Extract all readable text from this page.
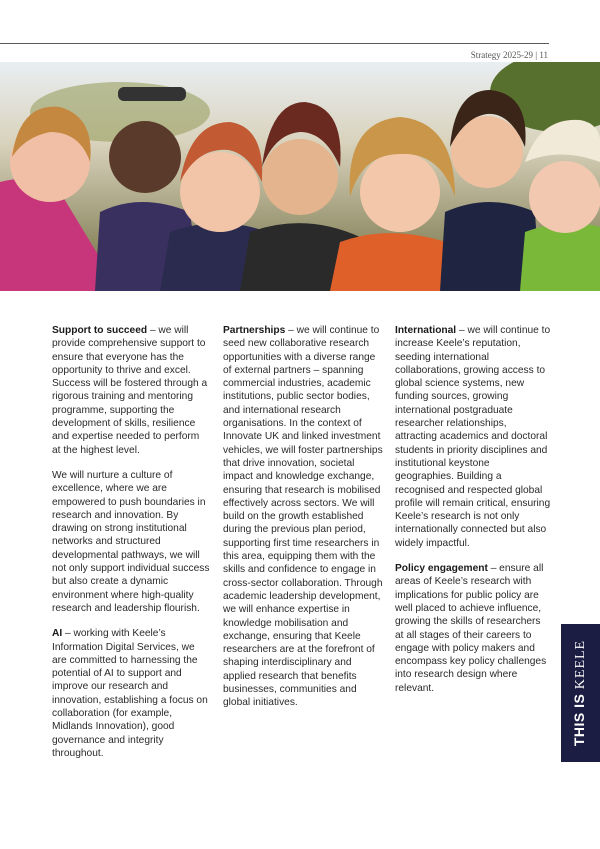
Strategy 2025-29 | 11

Support to succeed – we will provide comprehensive support to ensure that everyone has the opportunity to thrive and excel. Success will be fostered through a rigorous training and mentoring programme, supporting the development of skills, resilience and expertise needed to perform at the highest level.

We will nurture a culture of excellence, where we are empowered to push boundaries in research and innovation. By drawing on strong institutional networks and structured developmental pathways, we will not only support individual success but also create a dynamic environment where high-quality research and leadership flourish.

AI – working with Keele’s Information Digital Services, we are committed to harnessing the potential of AI to support and improve our research and innovation, establishing a focus on collaboration (for example, Midlands Innovation), good governance and integrity throughout.

Partnerships – we will continue to seed new collaborative research opportunities with a diverse range of external partners – spanning commercial industries, academic institutions, public sector bodies, and international research organisations. In the context of Innovate UK and linked investment vehicles, we will foster partnerships that drive innovation, societal impact and knowledge exchange, ensuring that research is mobilised effectively across sectors. We will build on the growth established during the previous plan period, supporting first time researchers in this area, equipping them with the skills and confidence to engage in cross-sector collaboration. Through academic leadership development, we will enhance expertise in knowledge mobilisation and exchange, ensuring that Keele researchers are at the forefront of shaping interdisciplinary and applied research that benefits businesses, communities and global initiatives.

International – we will continue to increase Keele’s reputation, seeding international collaborations, growing access to global science systems, new funding sources, growing international postgraduate researcher relationships, attracting academics and doctoral students in priority disciplines and institutional keystone geographies. Building a recognised and respected global profile will remain critical, ensuring Keele’s research is not only internationally connected but also widely impactful.

Policy engagement – ensure all areas of Keele’s research with implications for public policy are well placed to achieve influence, growing the skills of researchers at all stages of their careers to engage with policy makers and encompass key policy challenges into research design where relevant.

THIS IS KEELE
